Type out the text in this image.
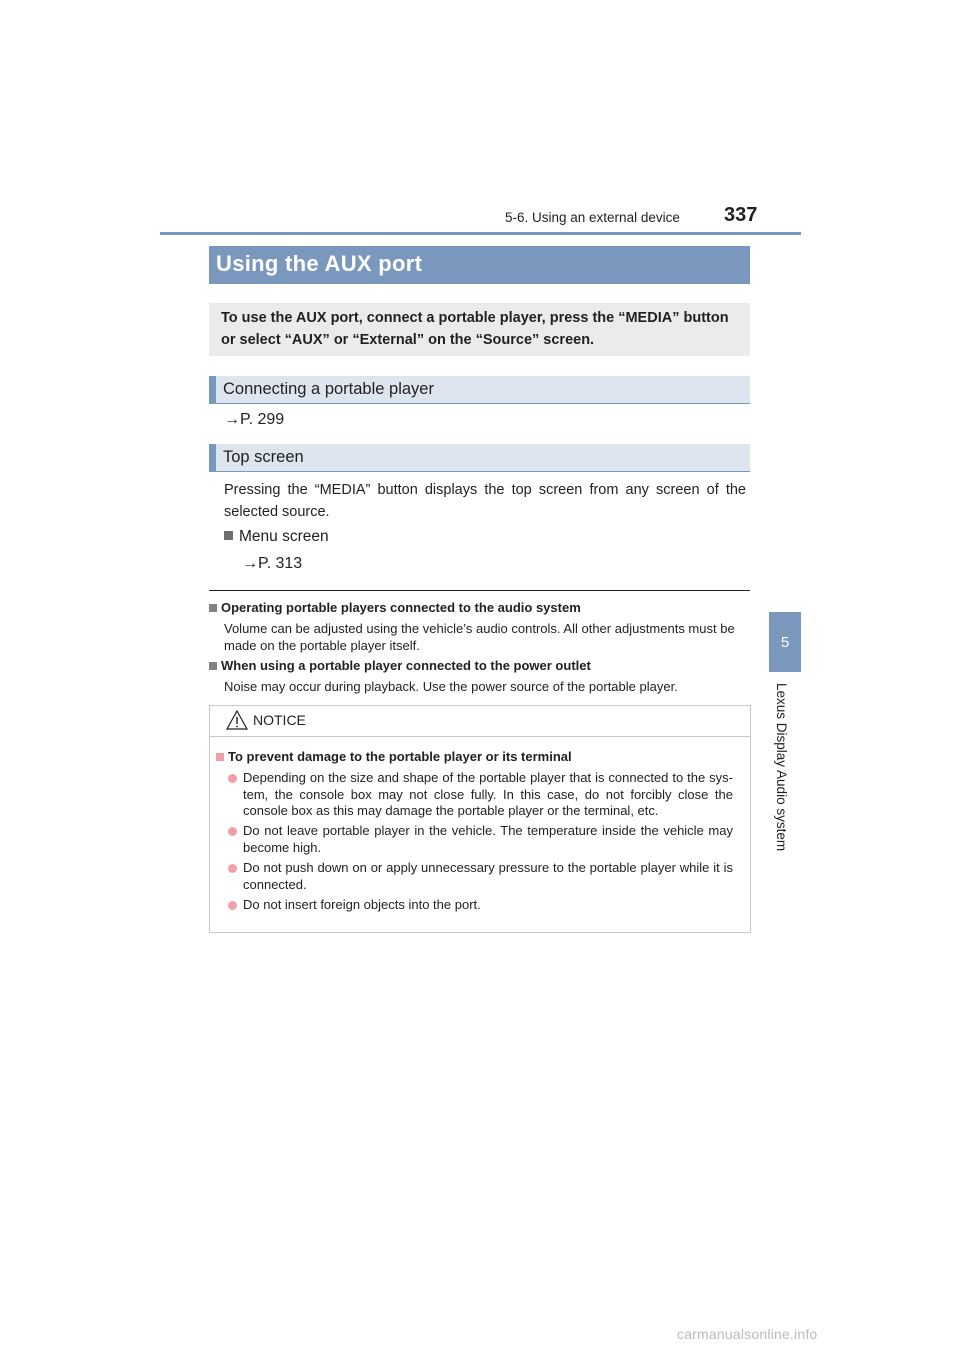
5-6. Using an external device 337
5
Lexus Display Audio system
Using the AUX port
To use the AUX port, connect a portable player, press the “MEDIA” button or select “AUX” or “External” on the “Source” screen.
Connecting a portable player
→P. 299
Top screen
Pressing the “MEDIA” button displays the top screen from any screen of the selected source.
Menu screen
→P. 313
Operating portable players connected to the audio system
Volume can be adjusted using the vehicle’s audio controls. All other adjustments must be made on the portable player itself.
When using a portable player connected to the power outlet
Noise may occur during playback. Use the power source of the portable player.
NOTICE
To prevent damage to the portable player or its terminal
Depending on the size and shape of the portable player that is connected to the sys-tem, the console box may not close fully. In this case, do not forcibly close the console box as this may damage the portable player or the terminal, etc.
Do not leave portable player in the vehicle. The temperature inside the vehicle may become high.
Do not push down on or apply unnecessary pressure to the portable player while it is connected.
Do not insert foreign objects into the port.
carmanualsonline.info
